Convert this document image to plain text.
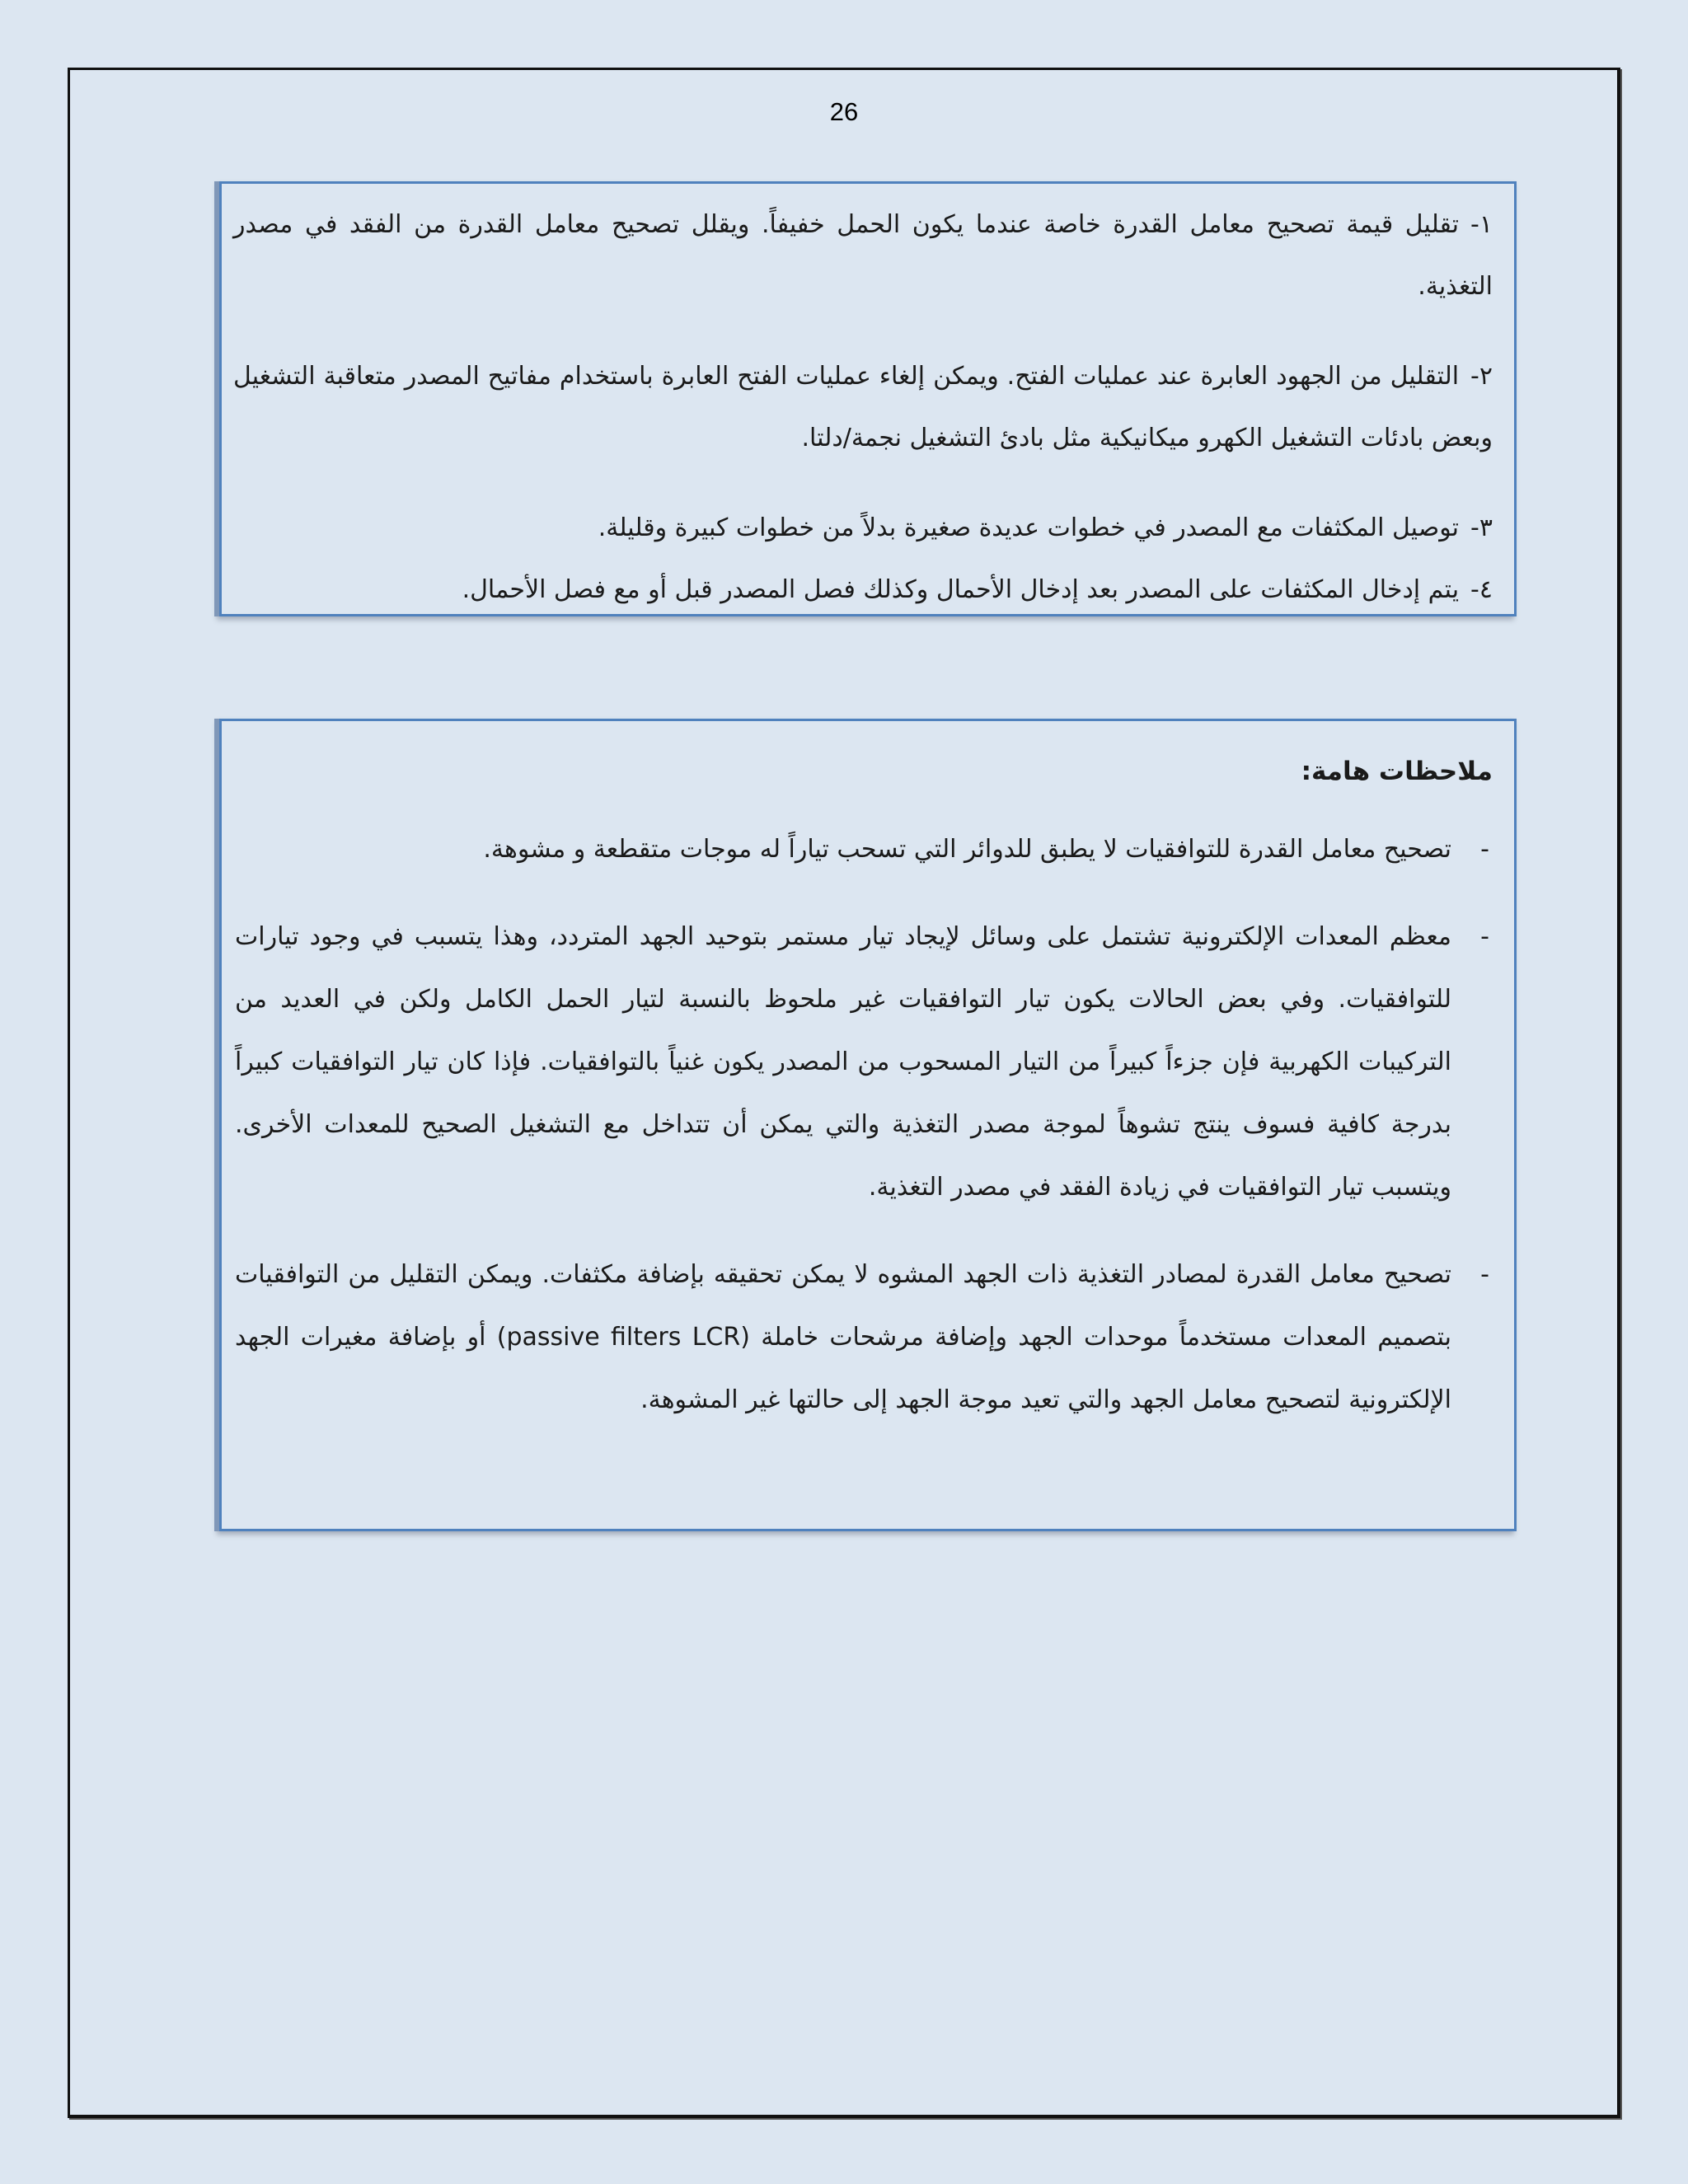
26

١-تقليل قيمة تصحيح معامل القدرة خاصة عندما يكون الحمل خفيفاً. ويقلل تصحيح معامل القدرة من الفقد في مصدر التغذية.

٢-التقليل من الجهود العابرة عند عمليات الفتح. ويمكن إلغاء عمليات الفتح العابرة باستخدام مفاتيح المصدر متعاقبة التشغيل وبعض بادئات التشغيل الكهرو ميكانيكية مثل بادئ التشغيل نجمة/دلتا.

٣-توصيل المكثفات مع المصدر في خطوات عديدة صغيرة بدلاً من خطوات كبيرة وقليلة.

٤-يتم إدخال المكثفات على المصدر بعد إدخال الأحمال وكذلك فصل المصدر قبل أو مع فصل الأحمال.

ملاحظات هامة:

-
تصحيح معامل القدرة للتوافقيات لا يطبق للدوائر التي تسحب تياراً له موجات متقطعة و مشوهة.

-
معظم المعدات الإلكترونية تشتمل على وسائل لإيجاد تيار مستمر بتوحيد الجهد المتردد، وهذا يتسبب في وجود تيارات للتوافقيات. وفي بعض الحالات يكون تيار التوافقيات غير ملحوظ بالنسبة لتيار الحمل الكامل ولكن في العديد من التركيبات الكهربية فإن جزءاً كبيراً من التيار المسحوب من المصدر يكون غنياً بالتوافقيات. فإذا كان تيار التوافقيات كبيراً بدرجة كافية فسوف ينتج تشوهاً لموجة مصدر التغذية والتي يمكن أن تتداخل مع التشغيل الصحيح للمعدات الأخرى. ويتسبب تيار التوافقيات في زيادة الفقد في مصدر التغذية.

-
تصحيح معامل القدرة لمصادر التغذية ذات الجهد المشوه لا يمكن تحقيقه بإضافة مكثفات. ويمكن التقليل من التوافقيات بتصميم المعدات مستخدماً موحدات الجهد وإضافة مرشحات خاملة (passive filters LCR) أو بإضافة مغيرات الجهد الإلكترونية لتصحيح معامل الجهد والتي تعيد موجة الجهد إلى حالتها غير المشوهة.
